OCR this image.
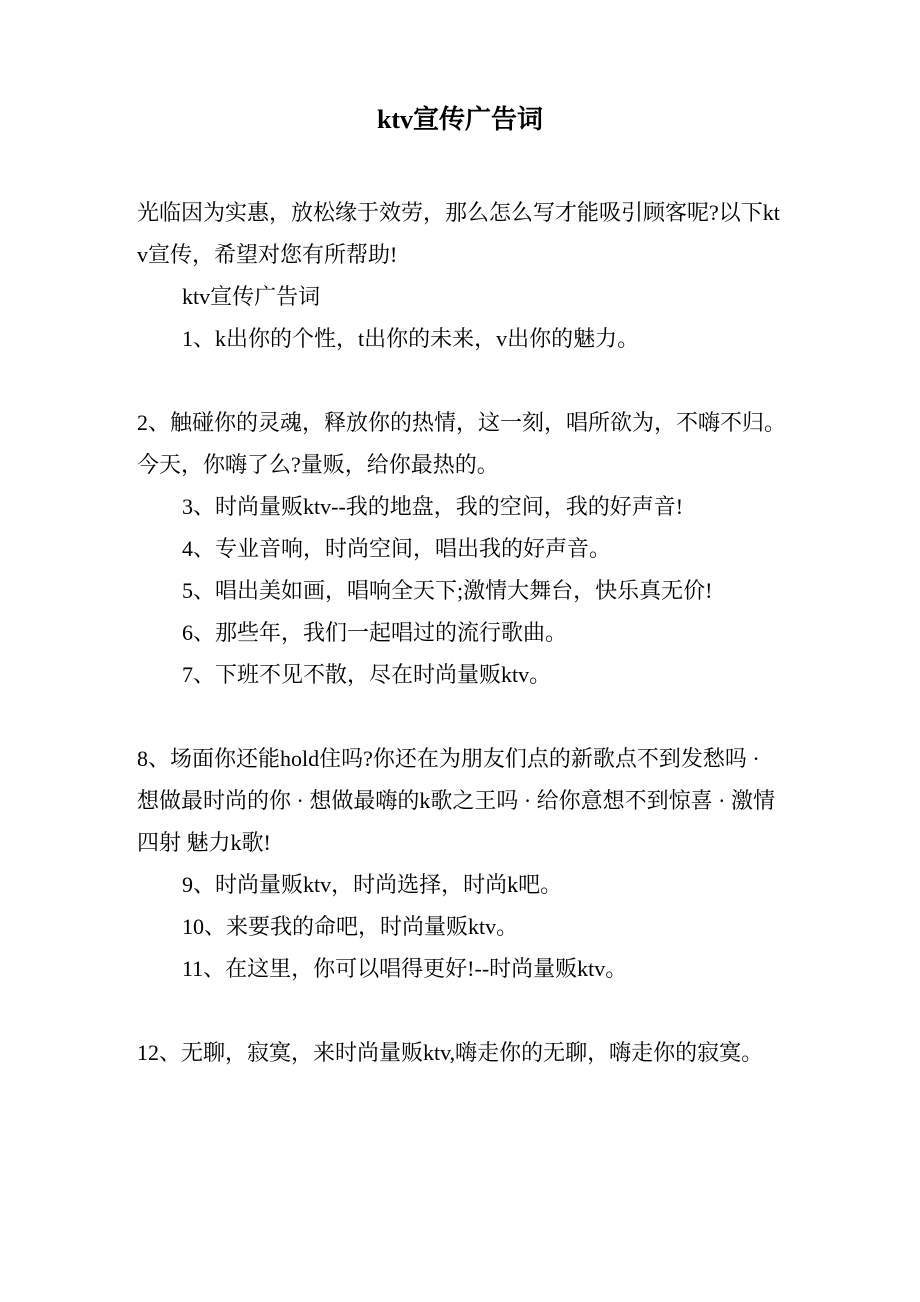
ktv宣传广告词
光临因为实惠，放松缘于效劳，那么怎么写才能吸引顾客呢?以下kt
v宣传，希望对您有所帮助!
ktv宣传广告词
1、k出你的个性，t出你的未来，v出你的魅力。
2、触碰你的灵魂，释放你的热情，这一刻，唱所欲为，不嗨不归。
今天，你嗨了么?量贩，给你最热的。
3、时尚量贩ktv--我的地盘，我的空间，我的好声音!
4、专业音响，时尚空间，唱出我的好声音。
5、唱出美如画，唱响全天下;激情大舞台，快乐真无价!
6、那些年，我们一起唱过的流行歌曲。
7、下班不见不散，尽在时尚量贩ktv。
8、场面你还能hold住吗?你还在为朋友们点的新歌点不到发愁吗 ·
想做最时尚的你 · 想做最嗨的k歌之王吗 · 给你意想不到惊喜 · 激情
四射 魅力k歌!
9、时尚量贩ktv，时尚选择，时尚k吧。
10、来要我的命吧，时尚量贩ktv。
11、在这里，你可以唱得更好!--时尚量贩ktv。
12、无聊，寂寞，来时尚量贩ktv,嗨走你的无聊，嗨走你的寂寞。
